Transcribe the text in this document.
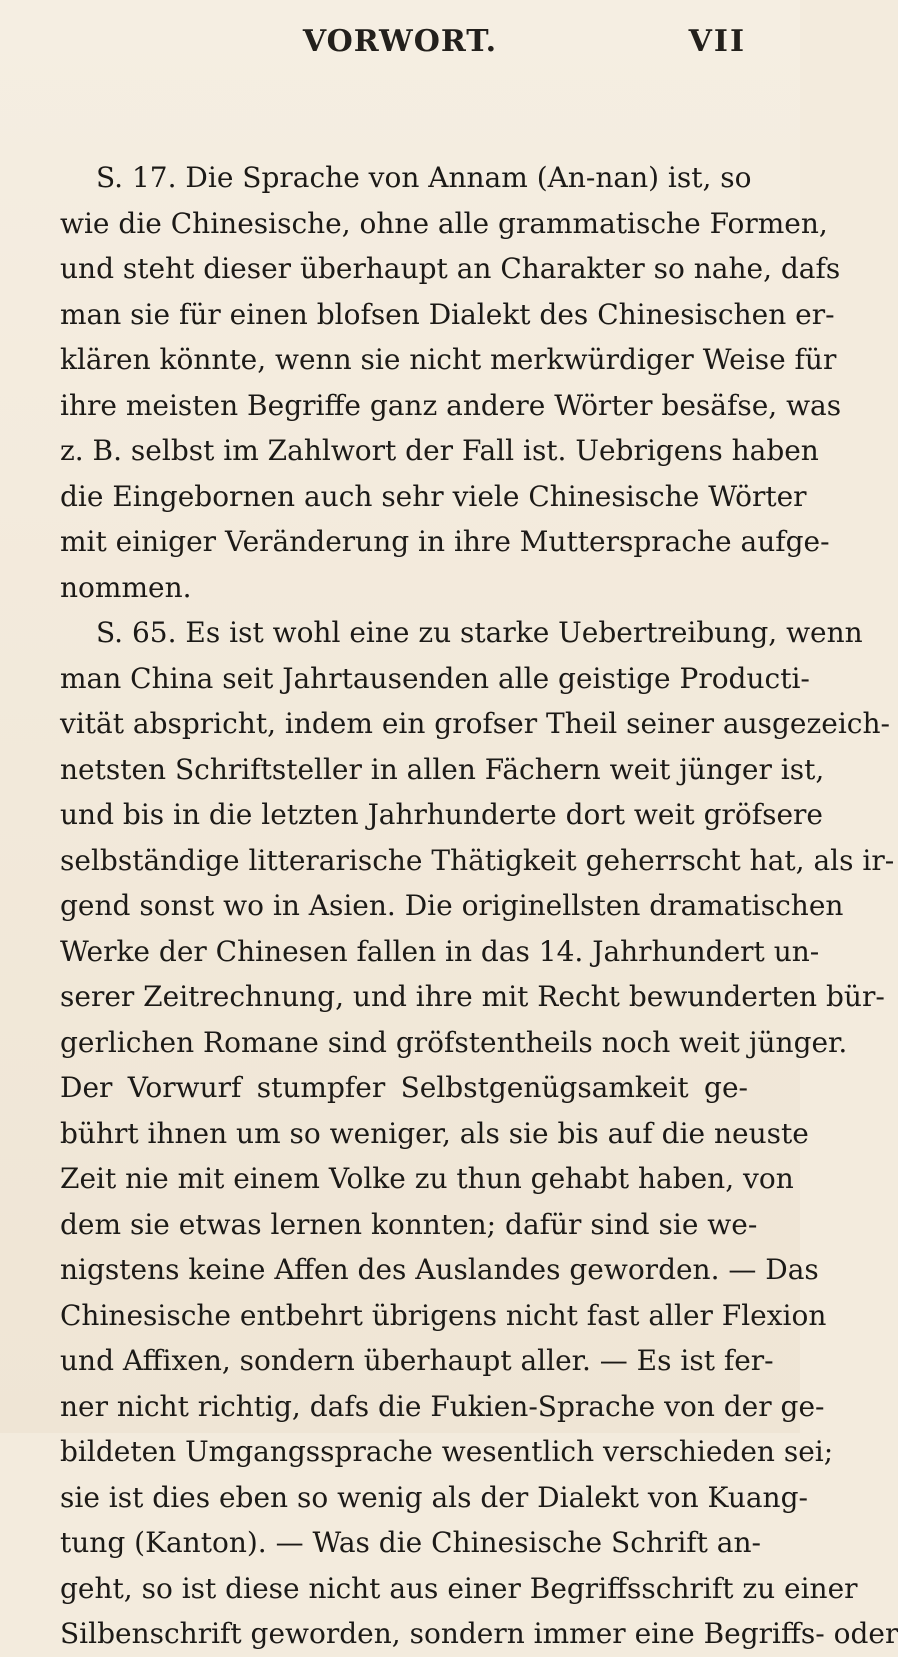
VORWORT.	VII
S. 17. Die Sprache von Annam (An-nan) ist, so
wie die Chinesische, ohne alle grammatische Formen,
und steht dieser überhaupt an Charakter so nahe, dafs
man sie für einen blofsen Dialekt des Chinesischen er-
klären könnte, wenn sie nicht merkwürdiger Weise für
ihre meisten Begriffe ganz andere Wörter besäfse, was
z. B. selbst im Zahlwort der Fall ist. Uebrigens haben
die Eingebornen auch sehr viele Chinesische Wörter
mit einiger Veränderung in ihre Muttersprache aufge-
nommen.
S. 65. Es ist wohl eine zu starke Uebertreibung, wenn
man China seit Jahrtausenden alle geistige Producti-
vität abspricht, indem ein grofser Theil seiner ausgezeich-
netsten Schriftsteller in allen Fächern weit jünger ist,
und bis in die letzten Jahrhunderte dort weit gröfsere
selbständige litterarische Thätigkeit geherrscht hat, als ir-
gend sonst wo in Asien. Die originellsten dramatischen
Werke der Chinesen fallen in das 14. Jahrhundert un-
serer Zeitrechnung, und ihre mit Recht bewunderten bür-
gerlichen Romane sind gröfstentheils noch weit jünger.
Der Vorwurf stumpfer Selbstgenügsamkeit ge-
bührt ihnen um so weniger, als sie bis auf die neuste
Zeit nie mit einem Volke zu thun gehabt haben, von
dem sie etwas lernen konnten; dafür sind sie we-
nigstens keine Affen des Auslandes geworden. — Das
Chinesische entbehrt übrigens nicht fast aller Flexion
und Affixen, sondern überhaupt aller. — Es ist fer-
ner nicht richtig, dafs die Fukien-Sprache von der ge-
bildeten Umgangssprache wesentlich verschieden sei;
sie ist dies eben so wenig als der Dialekt von Kuang-
tung (Kanton). — Was die Chinesische Schrift an-
geht, so ist diese nicht aus einer Begriffsschrift zu einer
Silbenschrift geworden, sondern immer eine Begriffs- oder
